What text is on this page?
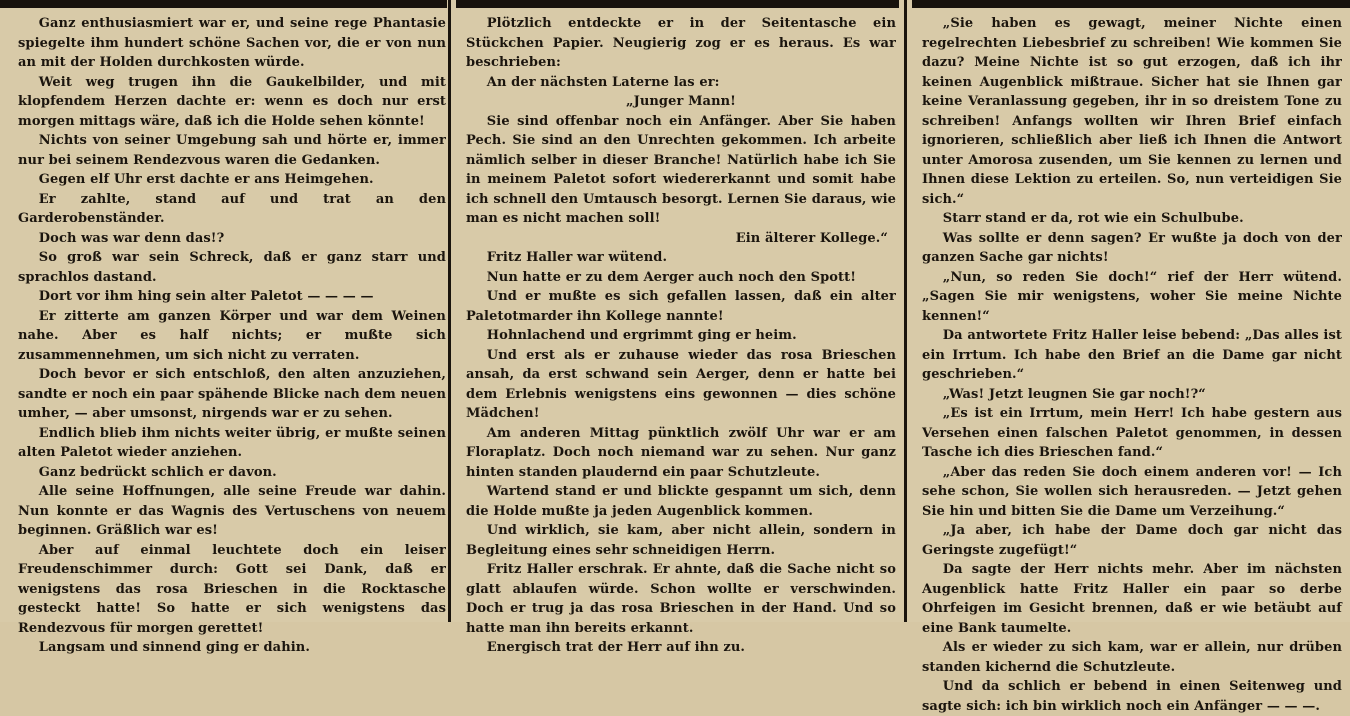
Ganz enthusiasmiert war er, und seine rege Phantasie spiegelte ihm hundert schöne Sachen vor, die er von nun an mit der Holden durchkosten würde.

Weit weg trugen ihn die Gaukelbilder, und mit klopfendem Herzen dachte er: wenn es doch nur erst morgen mittags wäre, daß ich die Holde sehen könnte!

Nichts von seiner Umgebung sah und hörte er, immer nur bei seinem Rendezvous waren die Gedanken.

Gegen elf Uhr erst dachte er ans Heimgehen.

Er zahlte, stand auf und trat an den Garderobenständer.

Doch was war denn das!?

So groß war sein Schreck, daß er ganz starr und sprachlos dastand.

Dort vor ihm hing sein alter Paletot — — — —

Er zitterte am ganzen Körper und war dem Weinen nahe. Aber es half nichts; er mußte sich zusammennehmen, um sich nicht zu verraten.

Doch bevor er sich entschloß, den alten anzuziehen, sandte er noch ein paar spähende Blicke nach dem neuen umher, — aber umsonst, nirgends war er zu sehen.

Endlich blieb ihm nichts weiter übrig, er mußte seinen alten Paletot wieder anziehen.

Ganz bedrückt schlich er davon.

Alle seine Hoffnungen, alle seine Freude war dahin. Nun konnte er das Wagnis des Vertuschens von neuem beginnen. Gräßlich war es!

Aber auf einmal leuchtete doch ein leiser Freudenschimmer durch: Gott sei Dank, daß er wenigstens das rosa Brieschen in die Rocktasche gesteckt hatte! So hatte er sich wenigstens das Rendezvous für morgen gerettet!

Langsam und sinnend ging er dahin.

Plötzlich entdeckte er in der Seitentasche ein Stückchen Papier. Neugierig zog er es heraus. Es war beschrieben:

An der nächsten Laterne las er:

„Junger Mann!

Sie sind offenbar noch ein Anfänger. Aber Sie haben Pech. Sie sind an den Unrechten gekommen. Ich arbeite nämlich selber in dieser Branche! Natürlich habe ich Sie in meinem Paletot sofort wiedererkannt und somit habe ich schnell den Umtausch besorgt. Lernen Sie daraus, wie man es nicht machen soll!

Ein älterer Kollege.“

Fritz Haller war wütend.

Nun hatte er zu dem Aerger auch noch den Spott!

Und er mußte es sich gefallen lassen, daß ein alter Paletotmarder ihn Kollege nannte!

Hohnlachend und ergrimmt ging er heim.

Und erst als er zuhause wieder das rosa Brieschen ansah, da erst schwand sein Aerger, denn er hatte bei dem Erlebnis wenigstens eins gewonnen — dies schöne Mädchen!

Am anderen Mittag pünktlich zwölf Uhr war er am Floraplatz. Doch noch niemand war zu sehen. Nur ganz hinten standen plaudernd ein paar Schutzleute.

Wartend stand er und blickte gespannt um sich, denn die Holde mußte ja jeden Augenblick kommen.

Und wirklich, sie kam, aber nicht allein, sondern in Begleitung eines sehr schneidigen Herrn.

Fritz Haller erschrak. Er ahnte, daß die Sache nicht so glatt ablaufen würde. Schon wollte er verschwinden. Doch er trug ja das rosa Brieschen in der Hand. Und so hatte man ihn bereits erkannt.

Energisch trat der Herr auf ihn zu.

„Sie haben es gewagt, meiner Nichte einen regelrechten Liebesbrief zu schreiben! Wie kommen Sie dazu? Meine Nichte ist so gut erzogen, daß ich ihr keinen Augenblick mißtraue. Sicher hat sie Ihnen gar keine Veranlassung gegeben, ihr in so dreistem Tone zu schreiben! Anfangs wollten wir Ihren Brief einfach ignorieren, schließlich aber ließ ich Ihnen die Antwort unter Amorosa zusenden, um Sie kennen zu lernen und Ihnen diese Lektion zu erteilen. So, nun verteidigen Sie sich.“

Starr stand er da, rot wie ein Schulbube.

Was sollte er denn sagen? Er wußte ja doch von der ganzen Sache gar nichts!

„Nun, so reden Sie doch!“ rief der Herr wütend. „Sagen Sie mir wenigstens, woher Sie meine Nichte kennen!“

Da antwortete Fritz Haller leise bebend: „Das alles ist ein Irrtum. Ich habe den Brief an die Dame gar nicht geschrieben.“

„Was! Jetzt leugnen Sie gar noch!?“

„Es ist ein Irrtum, mein Herr! Ich habe gestern aus Versehen einen falschen Paletot genommen, in dessen Tasche ich dies Brieschen fand.“

„Aber das reden Sie doch einem anderen vor! — Ich sehe schon, Sie wollen sich herausreden. — Jetzt gehen Sie hin und bitten Sie die Dame um Verzeihung.“

„Ja aber, ich habe der Dame doch gar nicht das Geringste zugefügt!“

Da sagte der Herr nichts mehr. Aber im nächsten Augenblick hatte Fritz Haller ein paar so derbe Ohrfeigen im Gesicht brennen, daß er wie betäubt auf eine Bank taumelte.

Als er wieder zu sich kam, war er allein, nur drüben standen kichernd die Schutzleute.

Und da schlich er bebend in einen Seitenweg und sagte sich: ich bin wirklich noch ein Anfänger — — —.
